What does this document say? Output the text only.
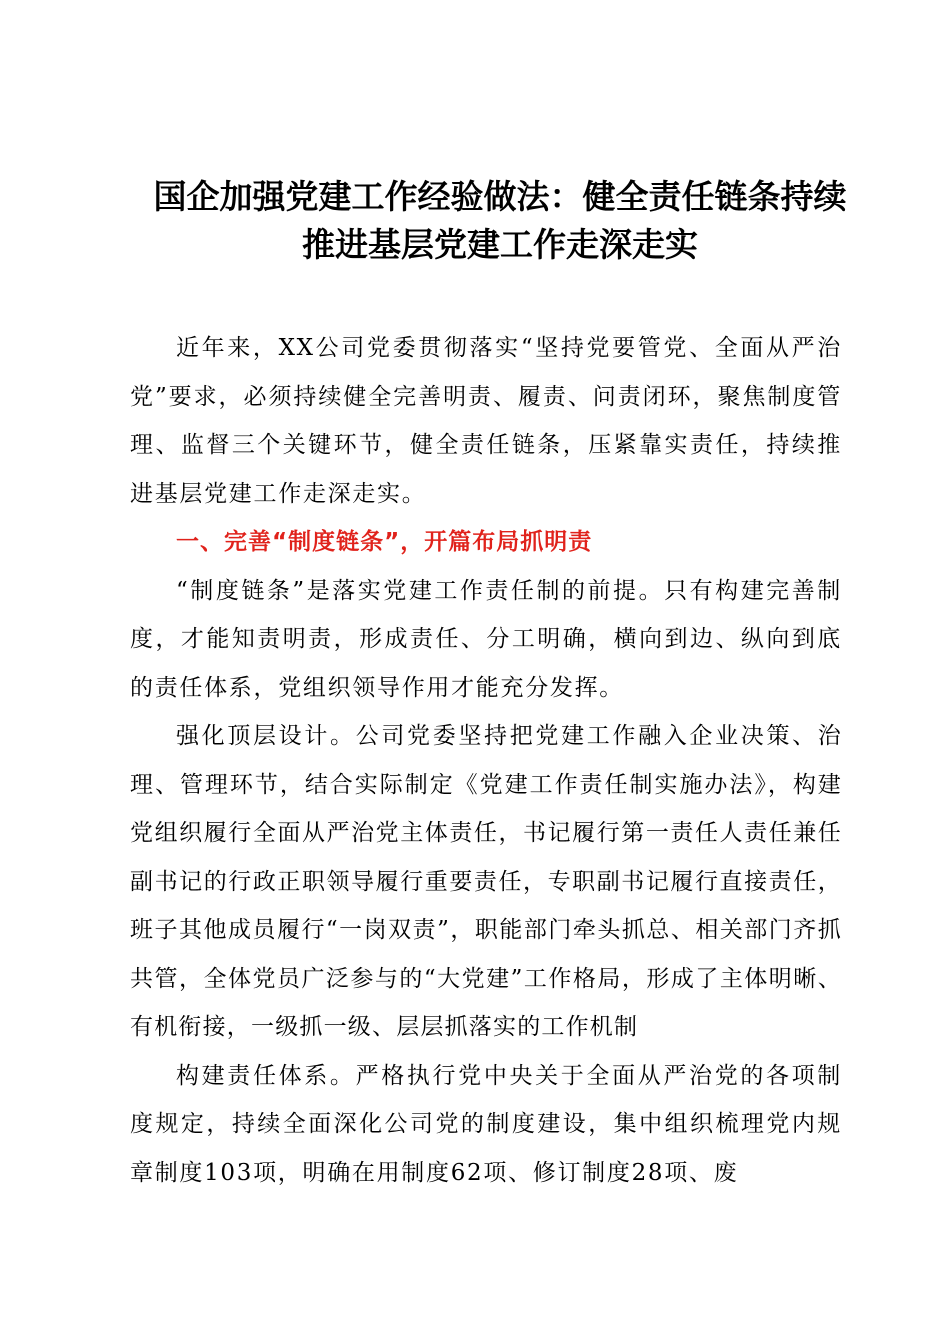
国企加强党建工作经验做法：健全责任链条持续
推进基层党建工作走深走实

近年来，XX公司党委贯彻落实“坚持党要管党、全面从严治党”要求，必须持续健全完善明责、履责、问责闭环，聚焦制度管理、监督三个关键环节，健全责任链条，压紧靠实责任，持续推进基层党建工作走深走实。

一、完善“制度链条”，开篇布局抓明责

“制度链条”是落实党建工作责任制的前提。只有构建完善制度，才能知责明责，形成责任、分工明确，横向到边、纵向到底的责任体系，党组织领导作用才能充分发挥。

强化顶层设计。公司党委坚持把党建工作融入企业决策、治理、管理环节，结合实际制定《党建工作责任制实施办法》，构建党组织履行全面从严治党主体责任，书记履行第一责任人责任兼任副书记的行政正职领导履行重要责任，专职副书记履行直接责任，班子其他成员履行“一岗双责”，职能部门牵头抓总、相关部门齐抓共管，全体党员广泛参与的“大党建”工作格局，形成了主体明晰、有机衔接，一级抓一级、层层抓落实的工作机制

构建责任体系。严格执行党中央关于全面从严治党的各项制度规定，持续全面深化公司党的制度建设，集中组织梳理党内规章制度103项，明确在用制度62项、修订制度28项、废
